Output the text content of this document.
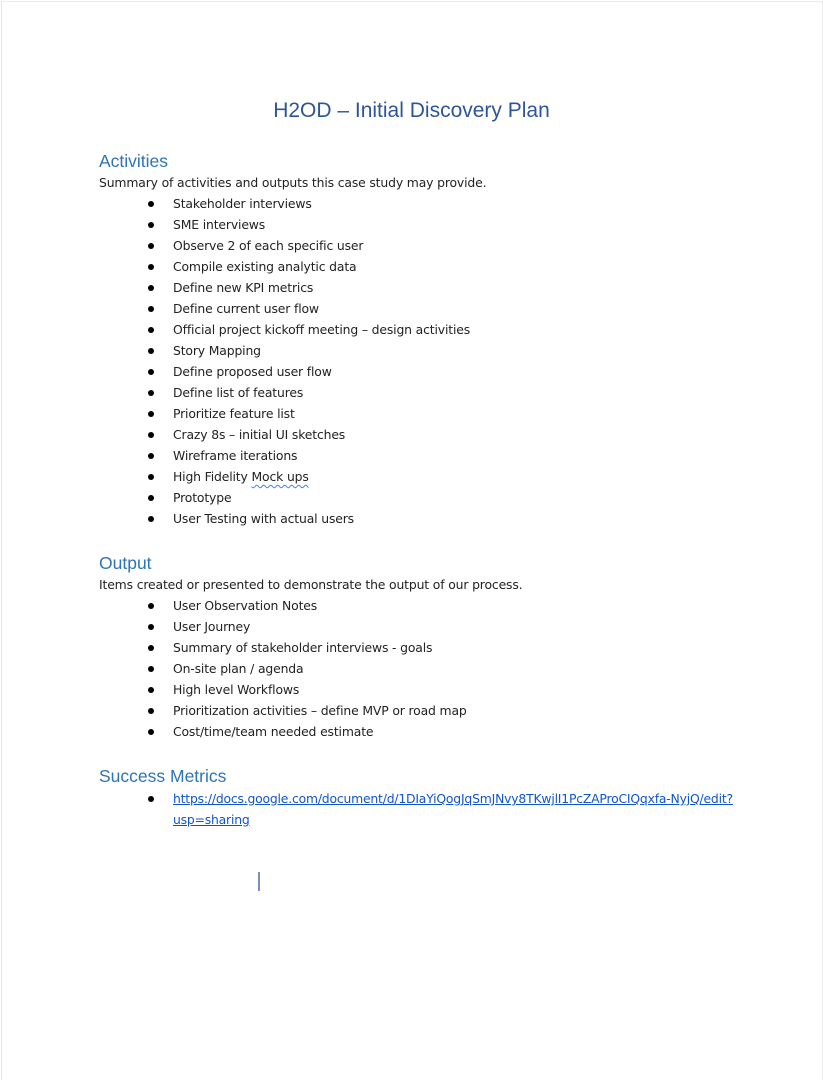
H2OD – Initial Discovery Plan
Activities
Summary of activities and outputs this case study may provide.
Stakeholder interviews
SME interviews
Observe 2 of each specific user
Compile existing analytic data
Define new KPI metrics
Define current user flow
Official project kickoff meeting – design activities
Story Mapping
Define proposed user flow
Define list of features
Prioritize feature list
Crazy 8s – initial UI sketches
Wireframe iterations
High Fidelity Mock ups
Prototype
User Testing with actual users
Output
Items created or presented to demonstrate the output of our process.
User Observation Notes
User Journey
Summary of stakeholder interviews - goals
On-site plan / agenda
High level Workflows
Prioritization activities – define MVP or road map
Cost/time/team needed estimate
Success Metrics
https://docs.google.com/document/d/1DIaYiQogJqSmJNvy8TKwjlI1PcZAProCIQqxfa-NyjQ/edit?usp=sharing
